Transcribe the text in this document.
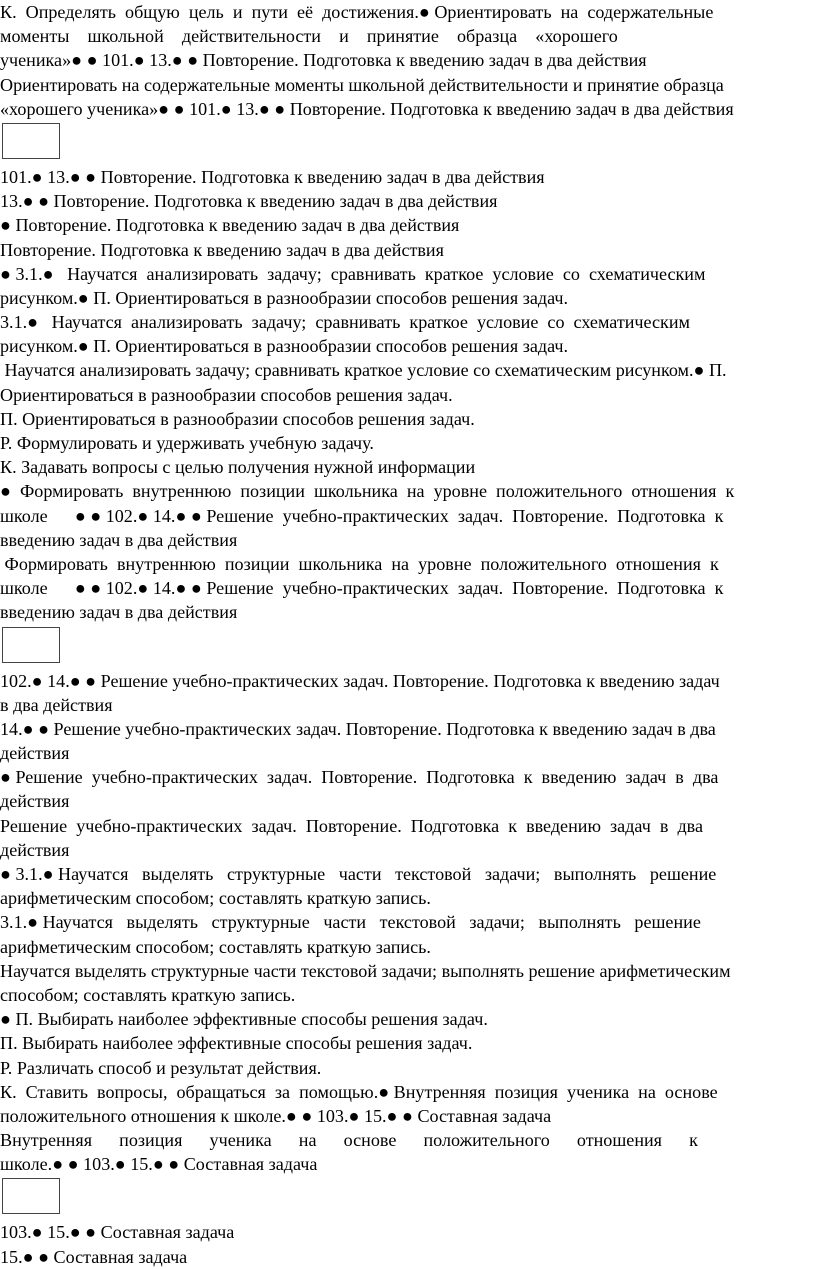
К.  Определять  общую  цель  и  пути  её  достижения.● Ориентировать  на  содержательные
моменты    школьной    действительности    и    принятие    образца    «хорошего
ученика»● ● 101.● 13.● ● Повторение. Подготовка к введению задач в два действия
Ориентировать на содержательные моменты школьной действительности и принятие образца
«хорошего ученика»● ● 101.● 13.● ● Повторение. Подготовка к введению задач в два действия
101.● 13.● ● Повторение. Подготовка к введению задач в два действия
13.● ● Повторение. Подготовка к введению задач в два действия
● Повторение. Подготовка к введению задач в два действия
Повторение. Подготовка к введению задач в два действия
● 3.1.●   Научатся  анализировать  задачу;  сравнивать  краткое  условие  со  схематическим
рисунком.● П. Ориентироваться в разнообразии способов решения задач.
3.1.●   Научатся  анализировать  задачу;  сравнивать  краткое  условие  со  схематическим
рисунком.● П. Ориентироваться в разнообразии способов решения задач.
Научатся анализировать задачу; сравнивать краткое условие со схематическим рисунком.● П.
Ориентироваться в разнообразии способов решения задач.
П. Ориентироваться в разнообразии способов решения задач.
Р. Формулировать и удерживать учебную задачу.
К. Задавать вопросы с целью получения нужной информации
●  Формировать  внутреннюю  позиции  школьника  на  уровне  положительного  отношения  к
школе      ● ● 102.● 14.● ● Решение  учебно-практических  задач.  Повторение.  Подготовка  к
введению задач в два действия
Формировать  внутреннюю  позиции  школьника  на  уровне  положительного  отношения  к
школе      ● ● 102.● 14.● ● Решение  учебно-практических  задач.  Повторение.  Подготовка  к
введению задач в два действия
102.● 14.● ● Решение учебно-практических задач. Повторение. Подготовка к введению задач
в два действия
14.● ● Решение учебно-практических задач. Повторение. Подготовка к введению задач в два
действия
● Решение  учебно-практических  задач.  Повторение.  Подготовка  к  введению  задач  в  два
действия
Решение  учебно-практических  задач.  Повторение.  Подготовка  к  введению  задач  в  два
действия
● 3.1.● Научатся   выделять   структурные   части   текстовой   задачи;   выполнять   решение
арифметическим способом; составлять краткую запись.
3.1.● Научатся   выделять   структурные   части   текстовой   задачи;   выполнять   решение
арифметическим способом; составлять краткую запись.
Научатся выделять структурные части текстовой задачи; выполнять решение арифметическим
способом; составлять краткую запись.
● П. Выбирать наиболее эффективные способы решения задач.
П. Выбирать наиболее эффективные способы решения задач.
Р. Различать способ и результат действия.
К.  Ставить  вопросы,  обращаться  за  помощью.● Внутренняя  позиция  ученика  на  основе
положительного отношения к школе.● ● 103.● 15.● ● Составная задача
Внутренняя      позиция      ученика      на      основе      положительного      отношения      к
школе.● ● 103.● 15.● ● Составная задача
103.● 15.● ● Составная задача
15.● ● Составная задача
